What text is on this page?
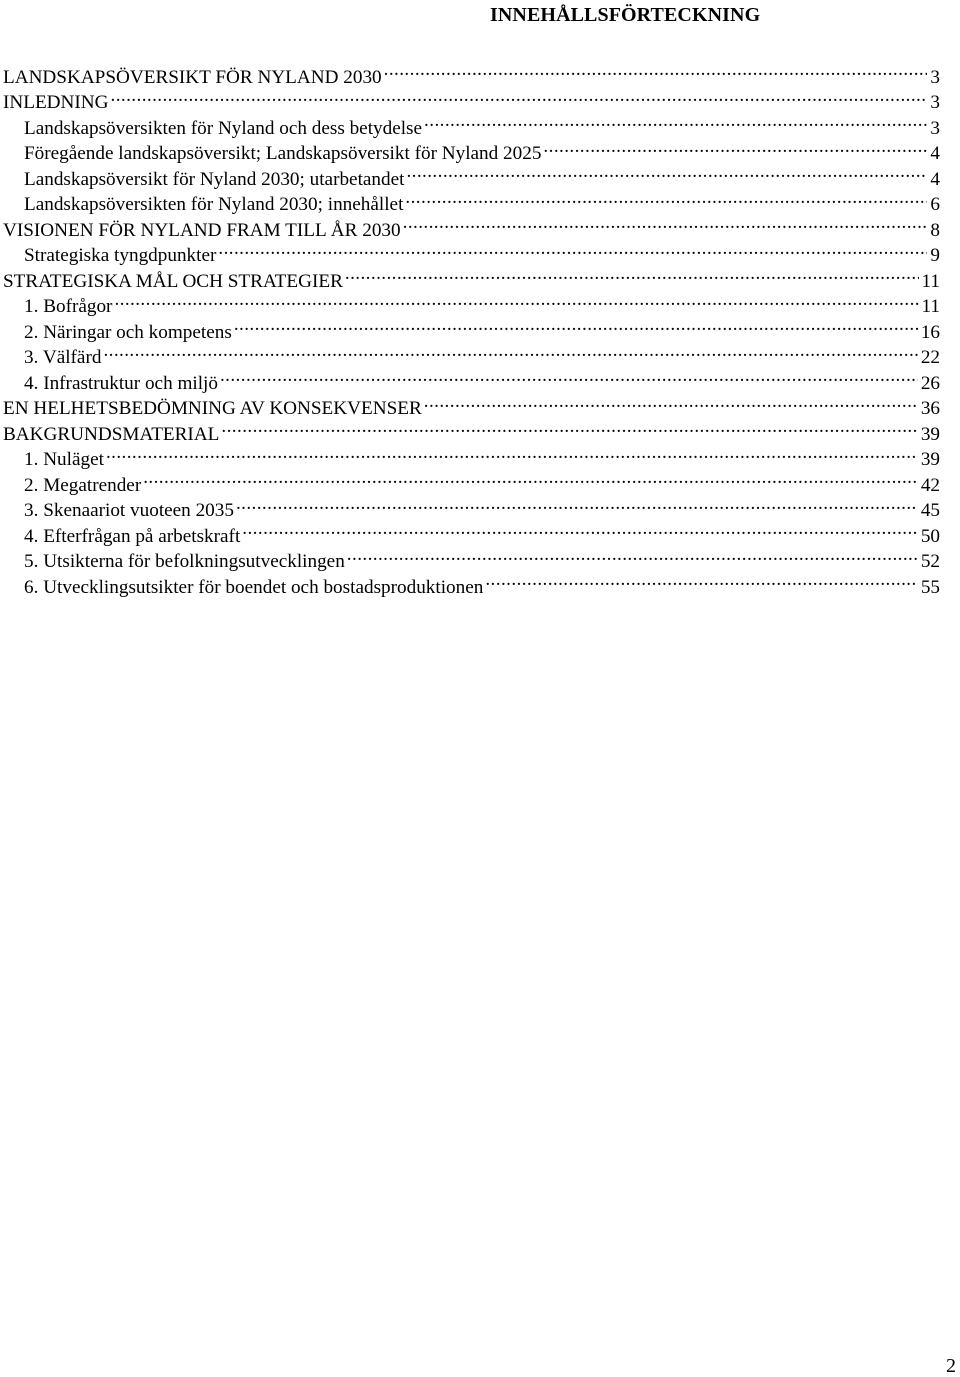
INNEHÅLLSFÖRTECKNING
LANDSKAPSÖVERSIKT FÖR NYLAND 2030 .....	3
INLEDNING .....	3
Landskapsöversikten för Nyland och dess betydelse .....	3
Föregående landskapsöversikt; Landskapsöversikt för Nyland 2025 .....	4
Landskapsöversikt för Nyland 2030; utarbetandet .....	4
Landskapsöversikten för Nyland 2030; innehållet .....	6
VISIONEN FÖR NYLAND FRAM TILL ÅR 2030 .....	8
Strategiska tyngdpunkter .....	9
STRATEGISKA MÅL OCH STRATEGIER .....	11
1. Bofrågor .....	11
2. Näringar och kompetens .....	16
3. Välfärd .....	22
4. Infrastruktur och miljö .....	26
EN HELHETSBEDÖMNING AV KONSEKVENSER .....	36
BAKGRUNDSMATERIAL .....	39
1. Nuläget .....	39
2. Megatrender .....	42
3. Skenaariot vuoteen 2035 .....	45
4. Efterfrågan på arbetskraft .....	50
5. Utsikterna för befolkningsutvecklingen .....	52
6. Utvecklingsutsikter för boendet och bostadsproduktionen .....	55
2
